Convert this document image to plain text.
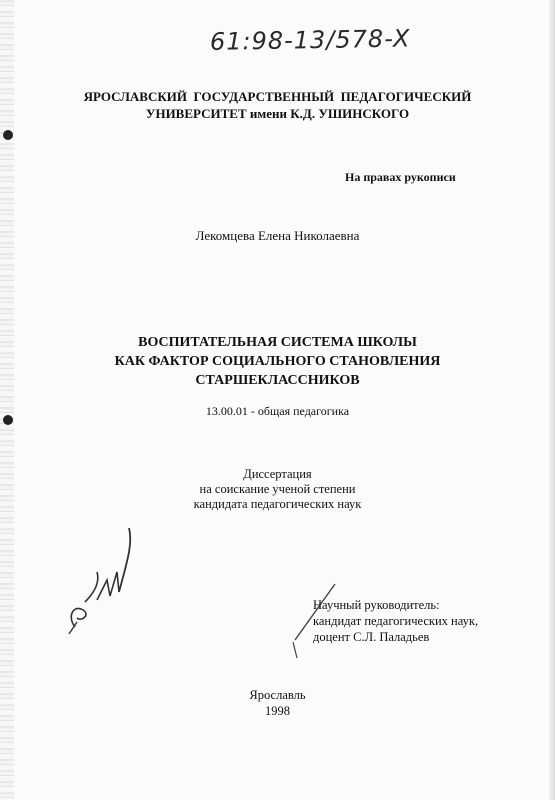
61:98-13/578-X
ЯРОСЛАВСКИЙ  ГОСУДАРСТВЕННЫЙ  ПЕДАГОГИЧЕСКИЙ
УНИВЕРСИТЕТ имени К.Д. УШИНСКОГО
На правах рукописи
Лекомцева Елена Николаевна
ВОСПИТАТЕЛЬНАЯ СИСТЕМА ШКОЛЫ
КАК ФАКТОР СОЦИАЛЬНОГО СТАНОВЛЕНИЯ
СТАРШЕКЛАССНИКОВ
13.00.01 - общая педагогика
Диссертация
на соискание ученой степени
кандидата педагогических наук
Научный руководитель:
кандидат педагогических наук,
доцент С.Л. Паладьев
Ярославль
1998
